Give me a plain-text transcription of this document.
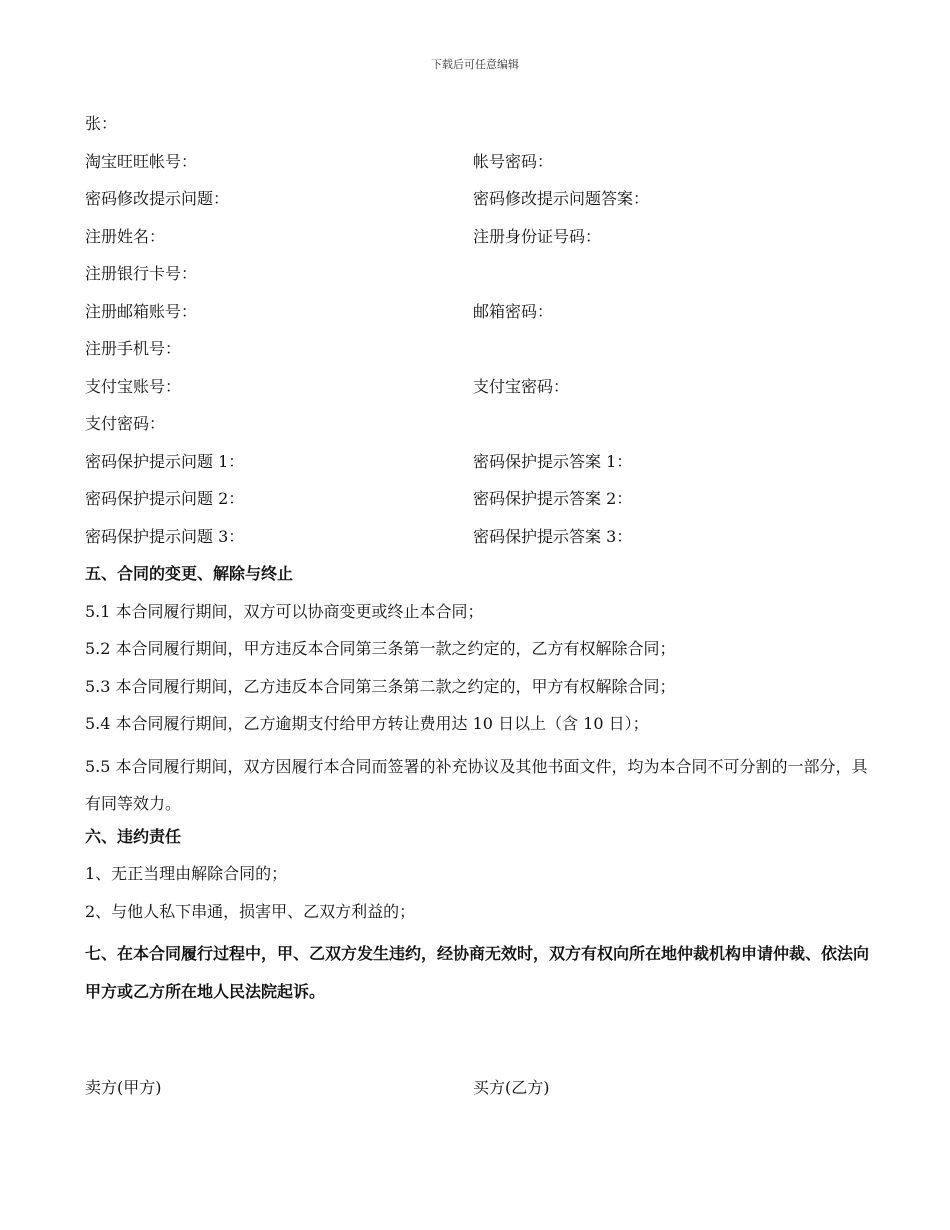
下载后可任意编辑
张：
淘宝旺旺帐号：	帐号密码：
密码修改提示问题：	密码修改提示问题答案：
注册姓名：	注册身份证号码：
注册银行卡号：
注册邮箱账号：	邮箱密码：
注册手机号：
支付宝账号：	支付宝密码：
支付密码：
密码保护提示问题 1：	密码保护提示答案 1：
密码保护提示问题 2：	密码保护提示答案 2：
密码保护提示问题 3：	密码保护提示答案 3：
五、合同的变更、解除与终止
5.1 本合同履行期间，双方可以协商变更或终止本合同；
5.2 本合同履行期间，甲方违反本合同第三条第一款之约定的，乙方有权解除合同；
5.3 本合同履行期间，乙方违反本合同第三条第二款之约定的，甲方有权解除合同；
5.4 本合同履行期间，乙方逾期支付给甲方转让费用达 10 日以上（含 10 日）；
5.5 本合同履行期间，双方因履行本合同而签署的补充协议及其他书面文件，均为本合同不可分割的一部分，具有同等效力。
六、违约责任
1、无正当理由解除合同的；
2、与他人私下串通，损害甲、乙双方利益的；
七、在本合同履行过程中，甲、乙双方发生违约，经协商无效时，双方有权向所在地仲裁机构申请仲裁、依法向甲方或乙方所在地人民法院起诉。
卖方(甲方)	买方(乙方)
